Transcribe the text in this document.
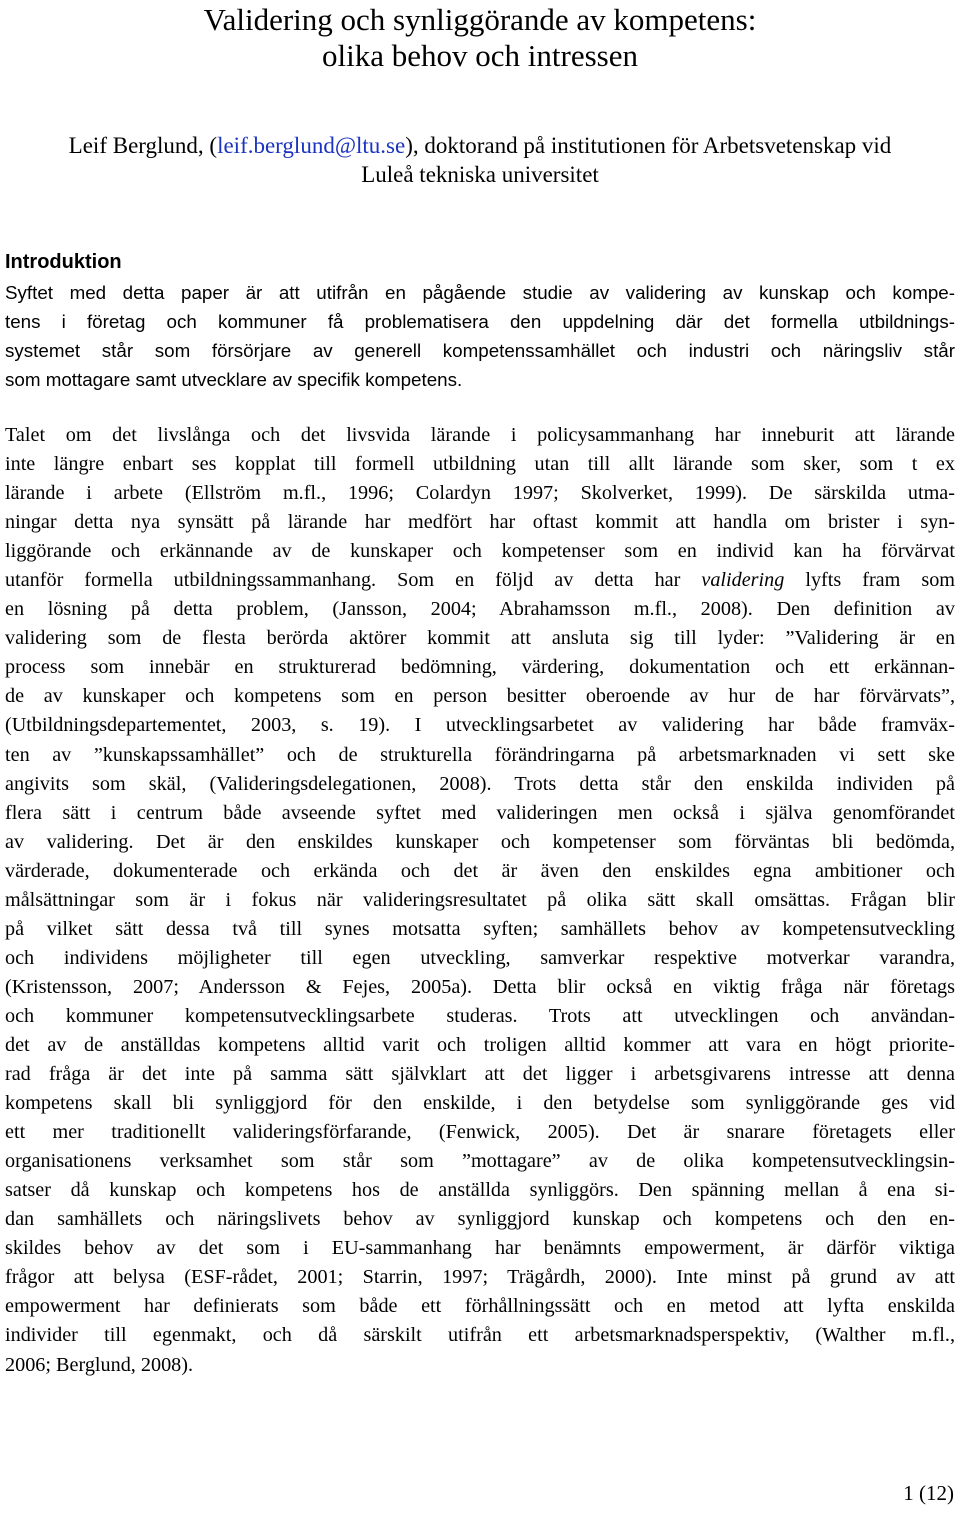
Validering och synliggörande av kompetens:
olika behov och intressen
Leif Berglund, (leif.berglund@ltu.se), doktorand på institutionen för Arbetsvetenskap vid
Luleå tekniska universitet
Introduktion
Syftet med detta paper är att utifrån en pågående studie av validering av kunskap och kompe-
tens i företag och kommuner få problematisera den uppdelning där det formella utbildnings-
systemet står som försörjare av generell kompetenssamhället och industri och näringsliv står
som mottagare samt utvecklare av specifik kompetens.
Talet om det livslånga och det livsvida lärande i policysammanhang har inneburit att lärande
inte längre enbart ses kopplat till formell utbildning utan till allt lärande som sker, som t ex
lärande i arbete (Ellström m.fl., 1996; Colardyn 1997; Skolverket, 1999). De särskilda utma-
ningar detta nya synsätt på lärande har medfört har oftast kommit att handla om brister i syn-
liggörande och erkännande av de kunskaper och kompetenser som en individ kan ha förvärvat
utanför formella utbildningssammanhang. Som en följd av detta har validering lyfts fram som
en lösning på detta problem, (Jansson, 2004; Abrahamsson m.fl., 2008). Den definition av
validering som de flesta berörda aktörer kommit att ansluta sig till lyder: ”Validering är en
process som innebär en strukturerad bedömning, värdering, dokumentation och ett erkännan-
de av kunskaper och kompetens som en person besitter oberoende av hur de har förvärvats”,
(Utbildningsdepartementet, 2003, s. 19). I utvecklingsarbetet av validering har både framväx-
ten av ”kunskapssamhället” och de strukturella förändringarna på arbetsmarknaden vi sett ske
angivits som skäl, (Valideringsdelegationen, 2008). Trots detta står den enskilda individen på
flera sätt i centrum både avseende syftet med valideringen men också i själva genomförandet
av validering. Det är den enskildes kunskaper och kompetenser som förväntas bli bedömda,
värderade, dokumenterade och erkända och det är även den enskildes egna ambitioner och
målsättningar som är i fokus när valideringsresultatet på olika sätt skall omsättas. Frågan blir
på vilket sätt dessa två till synes motsatta syften; samhällets behov av kompetensutveckling
och individens möjligheter till egen utveckling, samverkar respektive motverkar varandra,
(Kristensson, 2007; Andersson & Fejes, 2005a). Detta blir också en viktig fråga när företags
och kommuner kompetensutvecklingsarbete studeras. Trots att utvecklingen och användan-
det av de anställdas kompetens alltid varit och troligen alltid kommer att vara en högt priorite-
rad fråga är det inte på samma sätt självklart att det ligger i arbetsgivarens intresse att denna
kompetens skall bli synliggjord för den enskilde, i den betydelse som synliggörande ges vid
ett mer traditionellt valideringsförfarande, (Fenwick, 2005). Det är snarare företagets eller
organisationens verksamhet som står som ”mottagare” av de olika kompetensutvecklingsin-
satser då kunskap och kompetens hos de anställda synliggörs. Den spänning mellan å ena si-
dan samhällets och näringslivets behov av synliggjord kunskap och kompetens och den en-
skildes behov av det som i EU-sammanhang har benämnts empowerment, är därför viktiga
frågor att belysa (ESF-rådet, 2001; Starrin, 1997; Trägårdh, 2000). Inte minst på grund av att
empowerment har definierats som både ett förhållningssätt och en metod att lyfta enskilda
individer till egenmakt, och då särskilt utifrån ett arbetsmarknadsperspektiv, (Walther m.fl.,
2006; Berglund, 2008).
1 (12)
